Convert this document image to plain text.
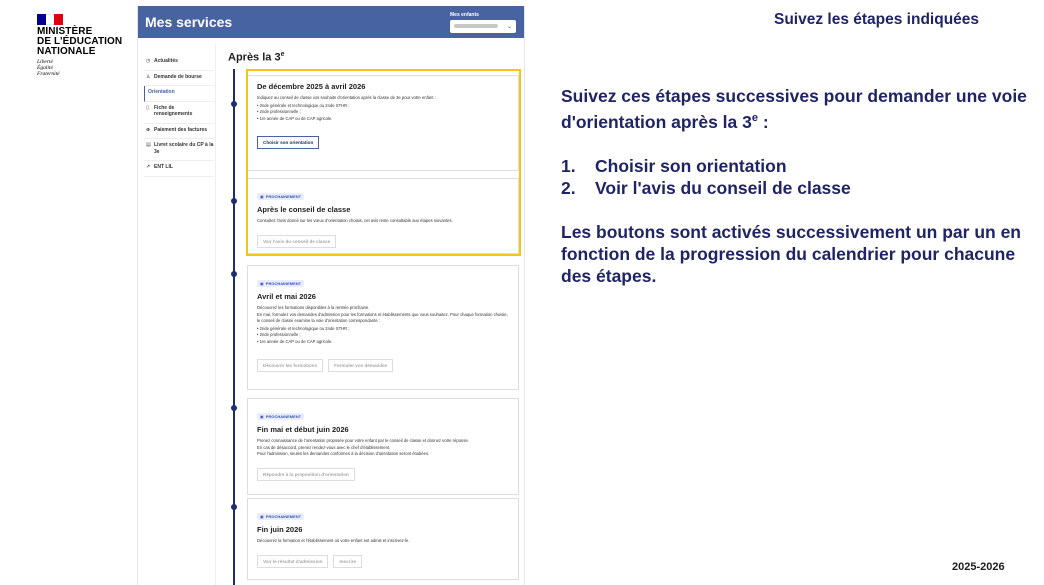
MINISTÈRE
DE L'ÉDUCATION
NATIONALE
Liberté
Égalité
Fraternité
Suivez les étapes indiquées
Mes services	Mes enfants
⌄
◷ Actualités
♙ Demande de bourse
Orientation
▯	Fiche de renseignements
⊕ Paiement des factures
▤ Livret scolaire du CP à la 3e
↗ ENT LIL
Après la 3e
De décembre 2025 à avril 2026
Indiquez au conseil de classe vos souhaits d'orientation après la classe de 3e pour votre enfant :
• 2nde générale et technologique ou 2nde STHR ;
• 2nde professionnelle ;
• 1re année de CAP ou de CAP agricole.
Choisir son orientation
▣ PROCHAINEMENT
Après le conseil de classe
Consultez l'avis donné sur les vœux d'orientation choisis, cet avis reste consultable aux étapes suivantes.
Voir l'avis du conseil de classe
▣ PROCHAINEMENT
Avril et mai 2026
Découvrez les formations disponibles à la rentrée prochaine.
En mai, formulez vos demandes d'admission pour les formations et établissements que vous souhaitez. Pour chaque formation choisie, le conseil de classe examine la voie d'orientation correspondante :
• 2nde générale et technologique ou 2nde STHR ;
• 2nde professionnelle ;
• 1re année de CAP ou de CAP agricole.
Découvrir les formations	Formuler vos demandes
▣ PROCHAINEMENT
Fin mai et début juin 2026
Prenez connaissance de l'orientation proposée pour votre enfant par le conseil de classe et donnez votre réponse.
En cas de désaccord, prenez rendez-vous avec le chef d'établissement.
Pour l'admission, seules les demandes conformes à la décision d'orientation seront étudiées.
Répondre à la proposition d'orientation
▣ PROCHAINEMENT
Fin juin 2026
Découvrez la formation et l'établissement où votre enfant est admis et inscrivez-le.
Voir le résultat d'admission	Inscrire
Suivez ces étapes successives pour demander une voie d'orientation après la 3e :
1.	Choisir son orientation
2.	Voir l'avis du conseil de classe
Les boutons sont activés successivement un par un en fonction de la progression du calendrier pour chacune des étapes.
2025-2026
